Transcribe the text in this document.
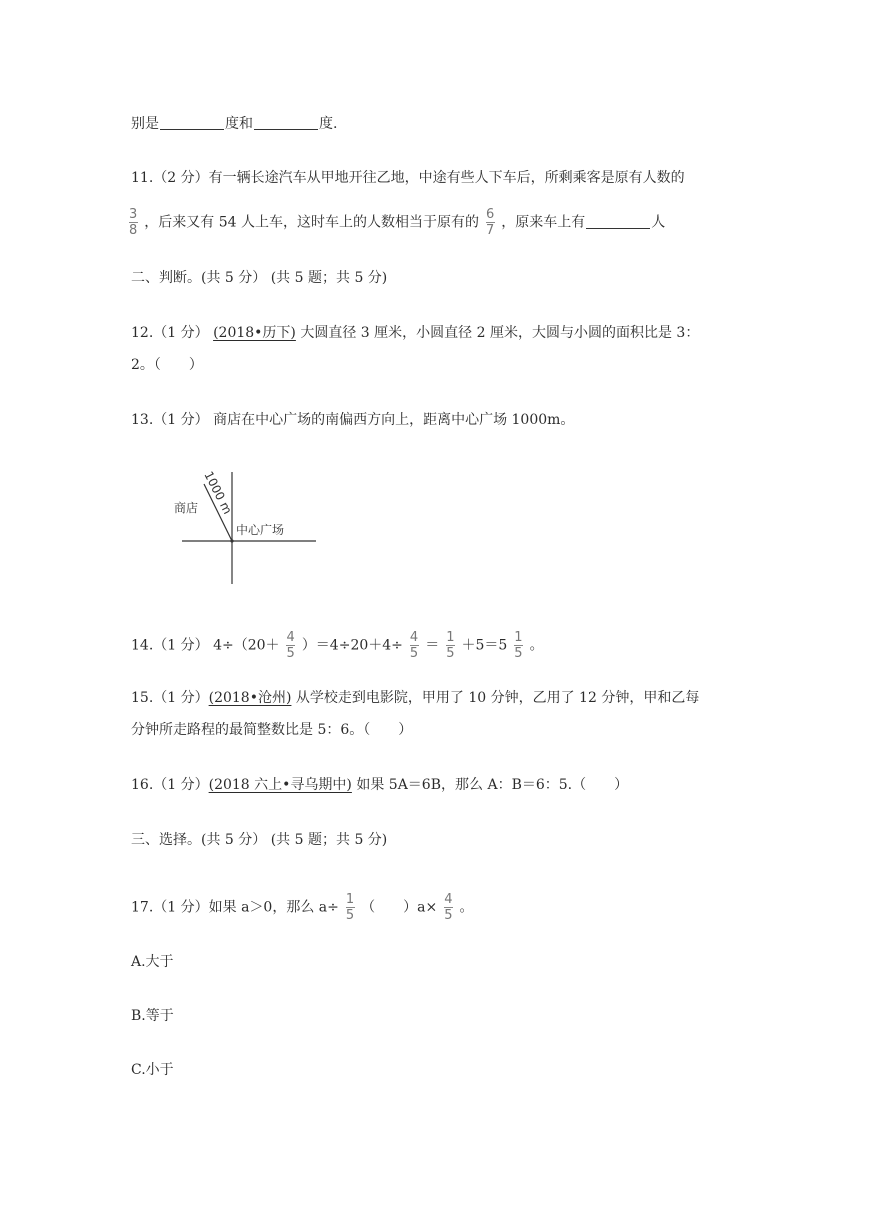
别是	度和	度.
11.（2 分）有一辆长途汽车从甲地开往乙地，中途有些人下车后，所剩乘客是原有人数的
$\frac{3}{8}$ ，后来又有 54 人上车，这时车上的人数相当于原有的 $\frac{6}{7}$ ，原来车上有	人
二、判断。(共 5 分） (共 5 题；共 5 分)
12.（1 分） (2018•历下) 大圆直径 3 厘米，小圆直径 2 厘米，大圆与小圆的面积比是 3：
2。（ ）
13.（1 分） 商店在中心广场的南偏西方向上，距离中心广场 1000m。
商店
中心广场
1000 m
14.（1 分） $4\div(20+ \frac{4}{5} )=4\div 20+4\div \frac{4}{5} = \frac{1}{5} +5=5 \frac{1}{5}$ 。
15.（1 分）(2018•沧州) 从学校走到电影院，甲用了 10 分钟，乙用了 12 分钟，甲和乙每
分钟所走路程的最简整数比是 5：6。（ ）
16.（1 分）(2018 六上•寻乌期中) 如果 5A＝6B，那么 A：B＝6：5.（ ）
三、选择。(共 5 分） (共 5 题；共 5 分)
17.（1 分）如果 a＞0，那么 $a\div \frac{1}{5}$ （ ）$a\times \frac{4}{5}$ 。
A.大于
B.等于
C.小于
